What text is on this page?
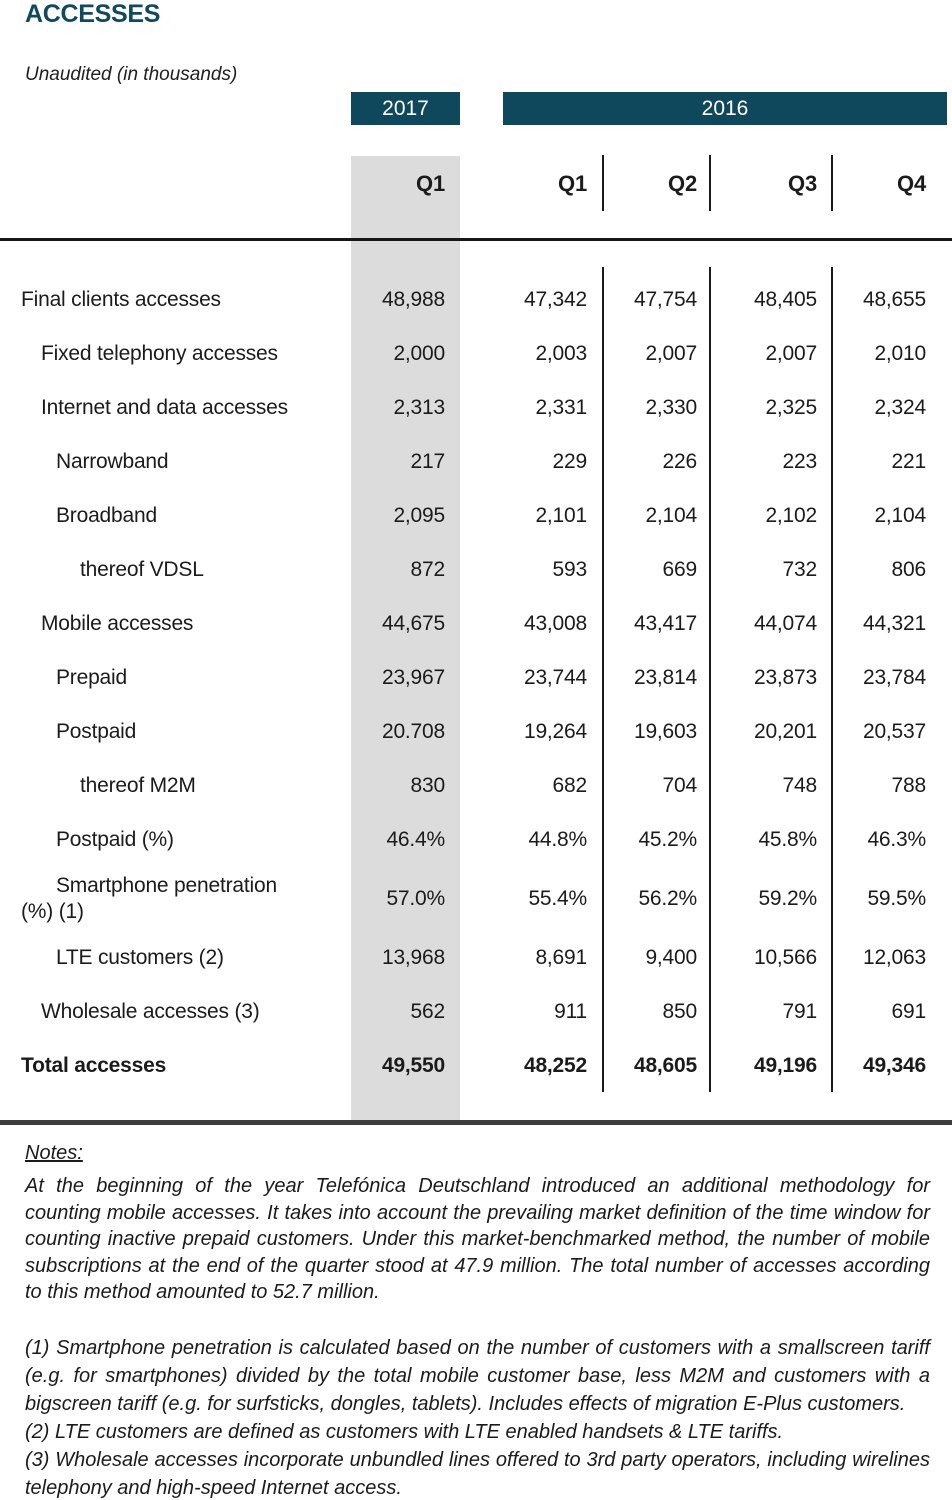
ACCESSES
Unaudited (in thousands)
2017	2016
Q1	Q1	Q2	Q3	Q4
Final clients accesses	48,988	47,342	47,754	48,405	48,655
Fixed telephony accesses	2,000	2,003	2,007	2,007	2,010
Internet and data accesses	2,313	2,331	2,330	2,325	2,324
Narrowband	217	229	226	223	221
Broadband	2,095	2,101	2,104	2,102	2,104
thereof VDSL	872	593	669	732	806
Mobile accesses	44,675	43,008	43,417	44,074	44,321
Prepaid	23,967	23,744	23,814	23,873	23,784
Postpaid	20.708	19,264	19,603	20,201	20,537
thereof M2M	830	682	704	748	788
Postpaid (%)	46.4%	44.8%	45.2%	45.8%	46.3%
Smartphone penetration
(%) (1)
57.0%	55.4%	56.2%	59.2%	59.5%
LTE customers (2)	13,968	8,691	9,400	10,566	12,063
Wholesale accesses (3)	562	911	850	791	691
Total accesses	49,550	48,252	48,605	49,196	49,346
Notes:
At the beginning of the year Telefónica Deutschland introduced an additional methodology for counting mobile accesses. It takes into account the prevailing market definition of the time window for counting inactive prepaid customers. Under this market-benchmarked method, the number of mobile subscriptions at the end of the quarter stood at 47.9 million. The total number of accesses according to this method amounted to 52.7 million.

(1) Smartphone penetration is calculated based on the number of customers with a smallscreen tariff (e.g. for smartphones) divided by the total mobile customer base, less M2M and customers with a bigscreen tariff (e.g. for surfsticks, dongles, tablets). Includes effects of migration E-Plus customers.

(2) LTE customers are defined as customers with LTE enabled handsets & LTE tariffs.

(3) Wholesale accesses incorporate unbundled lines offered to 3rd party operators, including wirelines telephony and high-speed Internet access.
